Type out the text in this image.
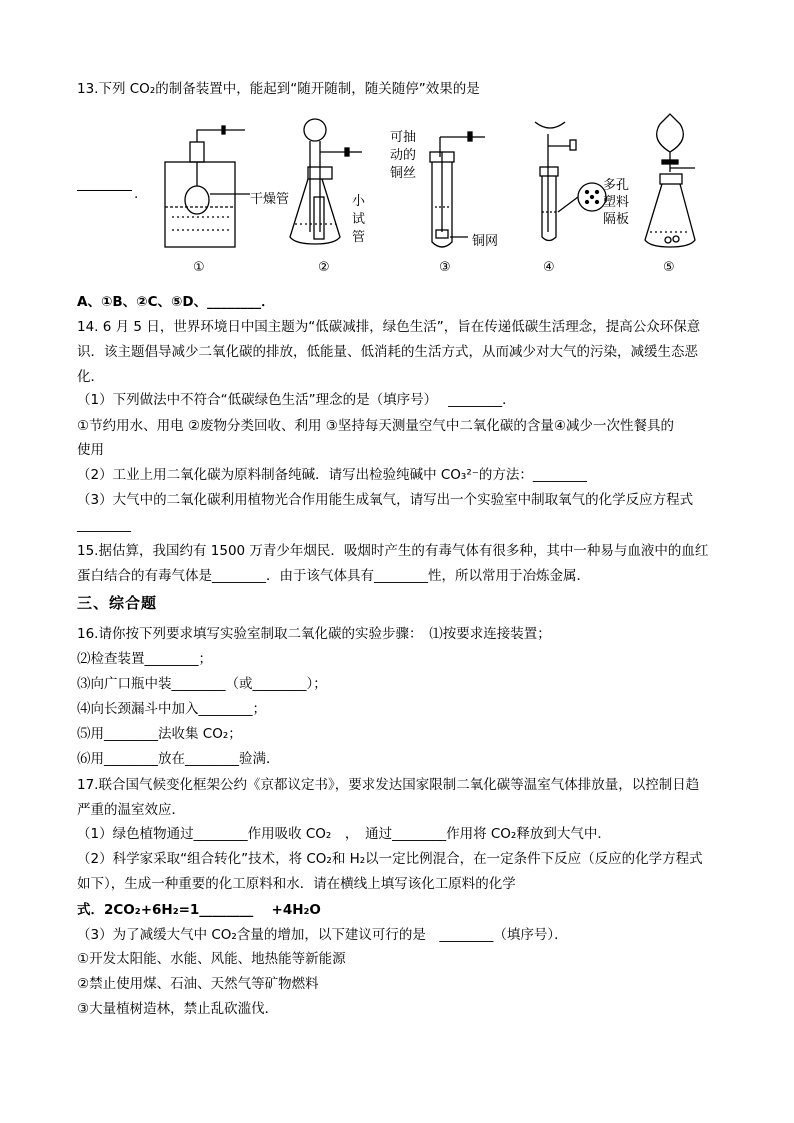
13.下列 CO₂的制备装置中，能起到“随开随制，随关随停”效果的是
.	干燥管	小
试
管
可抽
动的
铜丝
铜网
多孔
塑料
隔板
①	②	③	④	⑤
A、①B、②C、⑤D、________．
14. 6 月 5 日，世界环境日中国主题为“低碳减排，绿色生活”，旨在传递低碳生活理念，提高公众环保意
识．该主题倡导减少二氧化碳的排放，低能量、低消耗的生活方式，从而减少对大气的污染，减缓生态恶
化．
（1）下列做法中不符合“低碳绿色生活”理念的是（填序号）　 ________．
①节约用水、用电 ②废物分类回收、利用 ③坚持每天测量空气中二氧化碳的含量④减少一次性餐具的
使用
（2）工业上用二氧化碳为原料制备纯碱．请写出检验纯碱中 CO₃²⁻的方法：________
（3）大气中的二氧化碳利用植物光合作用能生成氧气，请写出一个实验室中制取氧气的化学反应方程式
________
15.据估算，我国约有 1500 万青少年烟民．吸烟时产生的有毒气体有很多种，其中一种易与血液中的血红
蛋白结合的有毒气体是________．由于该气体具有________性，所以常用于冶炼金属．
三、综合题
16.请你按下列要求填写实验室制取二氧化碳的实验步骤：　⑴按要求连接装置；
⑵检查装置________；
⑶向广口瓶中装________（或________）；
⑷向长颈漏斗中加入________；
⑸用________法收集 CO₂；
⑹用________放在________验满．
17.联合国气候变化框架公约《京都议定书》，要求发达国家限制二氧化碳等温室气体排放量，以控制日趋
严重的温室效应．
（1）绿色植物通过________作用吸收 CO₂　，　通过________作用将 CO₂释放到大气中．
（2）科学家采取“组合转化”技术，将 CO₂和 H₂以一定比例混合，在一定条件下反应（反应的化学方程式
如下），生成一种重要的化工原料和水．请在横线上填写该化工原料的化学
式．2CO₂+6H₂=1________　 +4H₂O
（3）为了减缓大气中 CO₂含量的增加，以下建议可行的是　________（填序号）．
①开发太阳能、水能、风能、地热能等新能源
②禁止使用煤、石油、天然气等矿物燃料
③大量植树造林，禁止乱砍滥伐．
